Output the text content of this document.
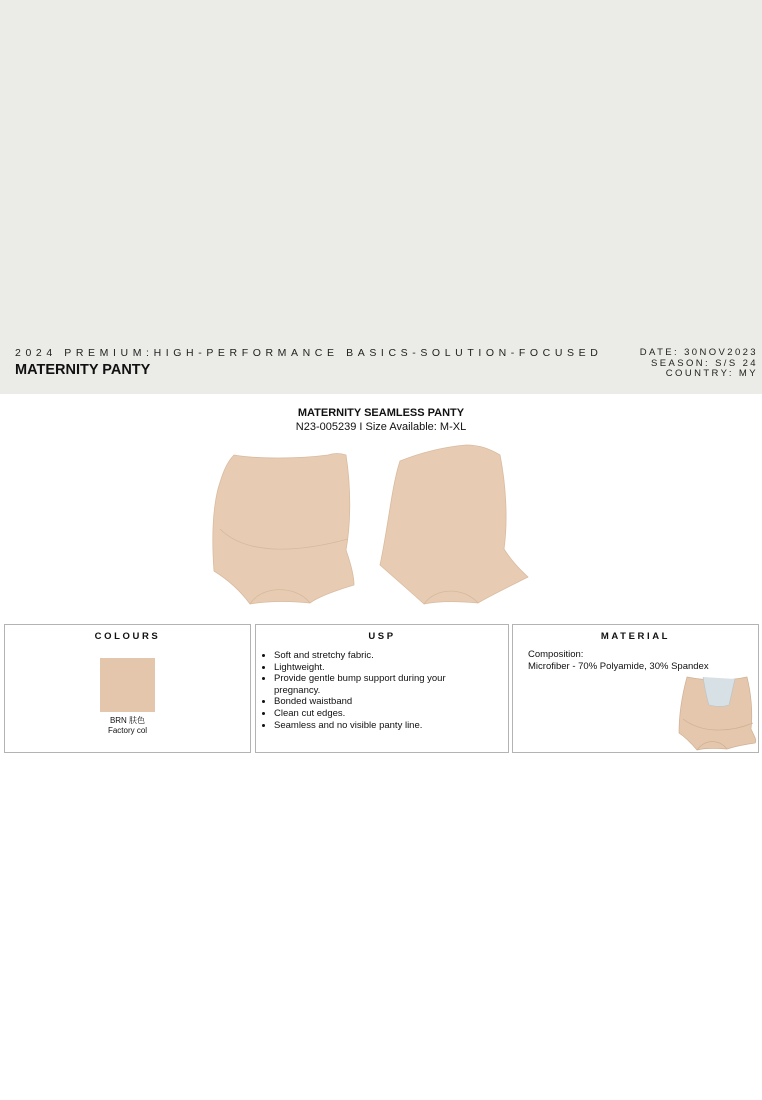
2024 PREMIUM:HIGH-PERFORMANCE BASICS-SOLUTION-FOCUSED
MATERNITY PANTY
DATE: 30NOV2023
SEASON: S/S 24
COUNTRY: MY
MATERNITY SEAMLESS PANTY
N23-005239 I Size Available: M-XL
COLOURS
BRN 肤色
Factory col
USP
• Soft and stretchy fabric.
• Lightweight.
• Provide gentle bump support during your pregnancy.
• Bonded waistband
• Clean cut edges.
• Seamless and no visible panty line.
MATERIAL
Composition:
Microfiber - 70% Polyamide, 30% Spandex
